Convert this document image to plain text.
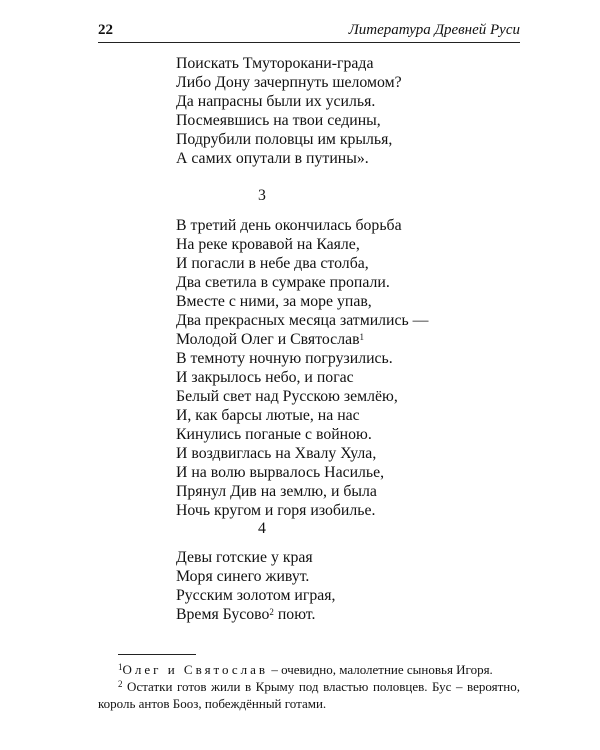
22	Литература Древней Руси
Поискать Тмуторокани-града
Либо Дону зачерпнуть шеломом?
Да напрасны были их усилья.
Посмеявшись на твои седины,
Подрубили половцы им крылья,
А самих опутали в путины».
3
В третий день окончилась борьба
На реке кровавой на Каяле,
И погасли в небе два столба,
Два светила в сумраке пропали.
Вместе с ними, за море упав,
Два прекрасных месяца затмились —
Молодой Олег и Святослав$^1$
В темноту ночную погрузились.
И закрылось небо, и погас
Белый свет над Русскою землёю,
И, как барсы лютые, на нас
Кинулись поганые с войною.
И воздвиглась на Хвалу Хула,
И на волю вырвалось Насилье,
Прянул Див на землю, и была
Ночь кругом и горя изобилье.
4
Девы готские у края
Моря синего живут.
Русским золотом играя,
Время Бусово$^2$ поют.

$^1$Олег и Святослав – очевидно, малолетние сыновья Игоря.

$^2$ Остатки готов жили в Крыму под властью половцев. Бус – вероятно, король антов Бооз, побеждённый готами.
